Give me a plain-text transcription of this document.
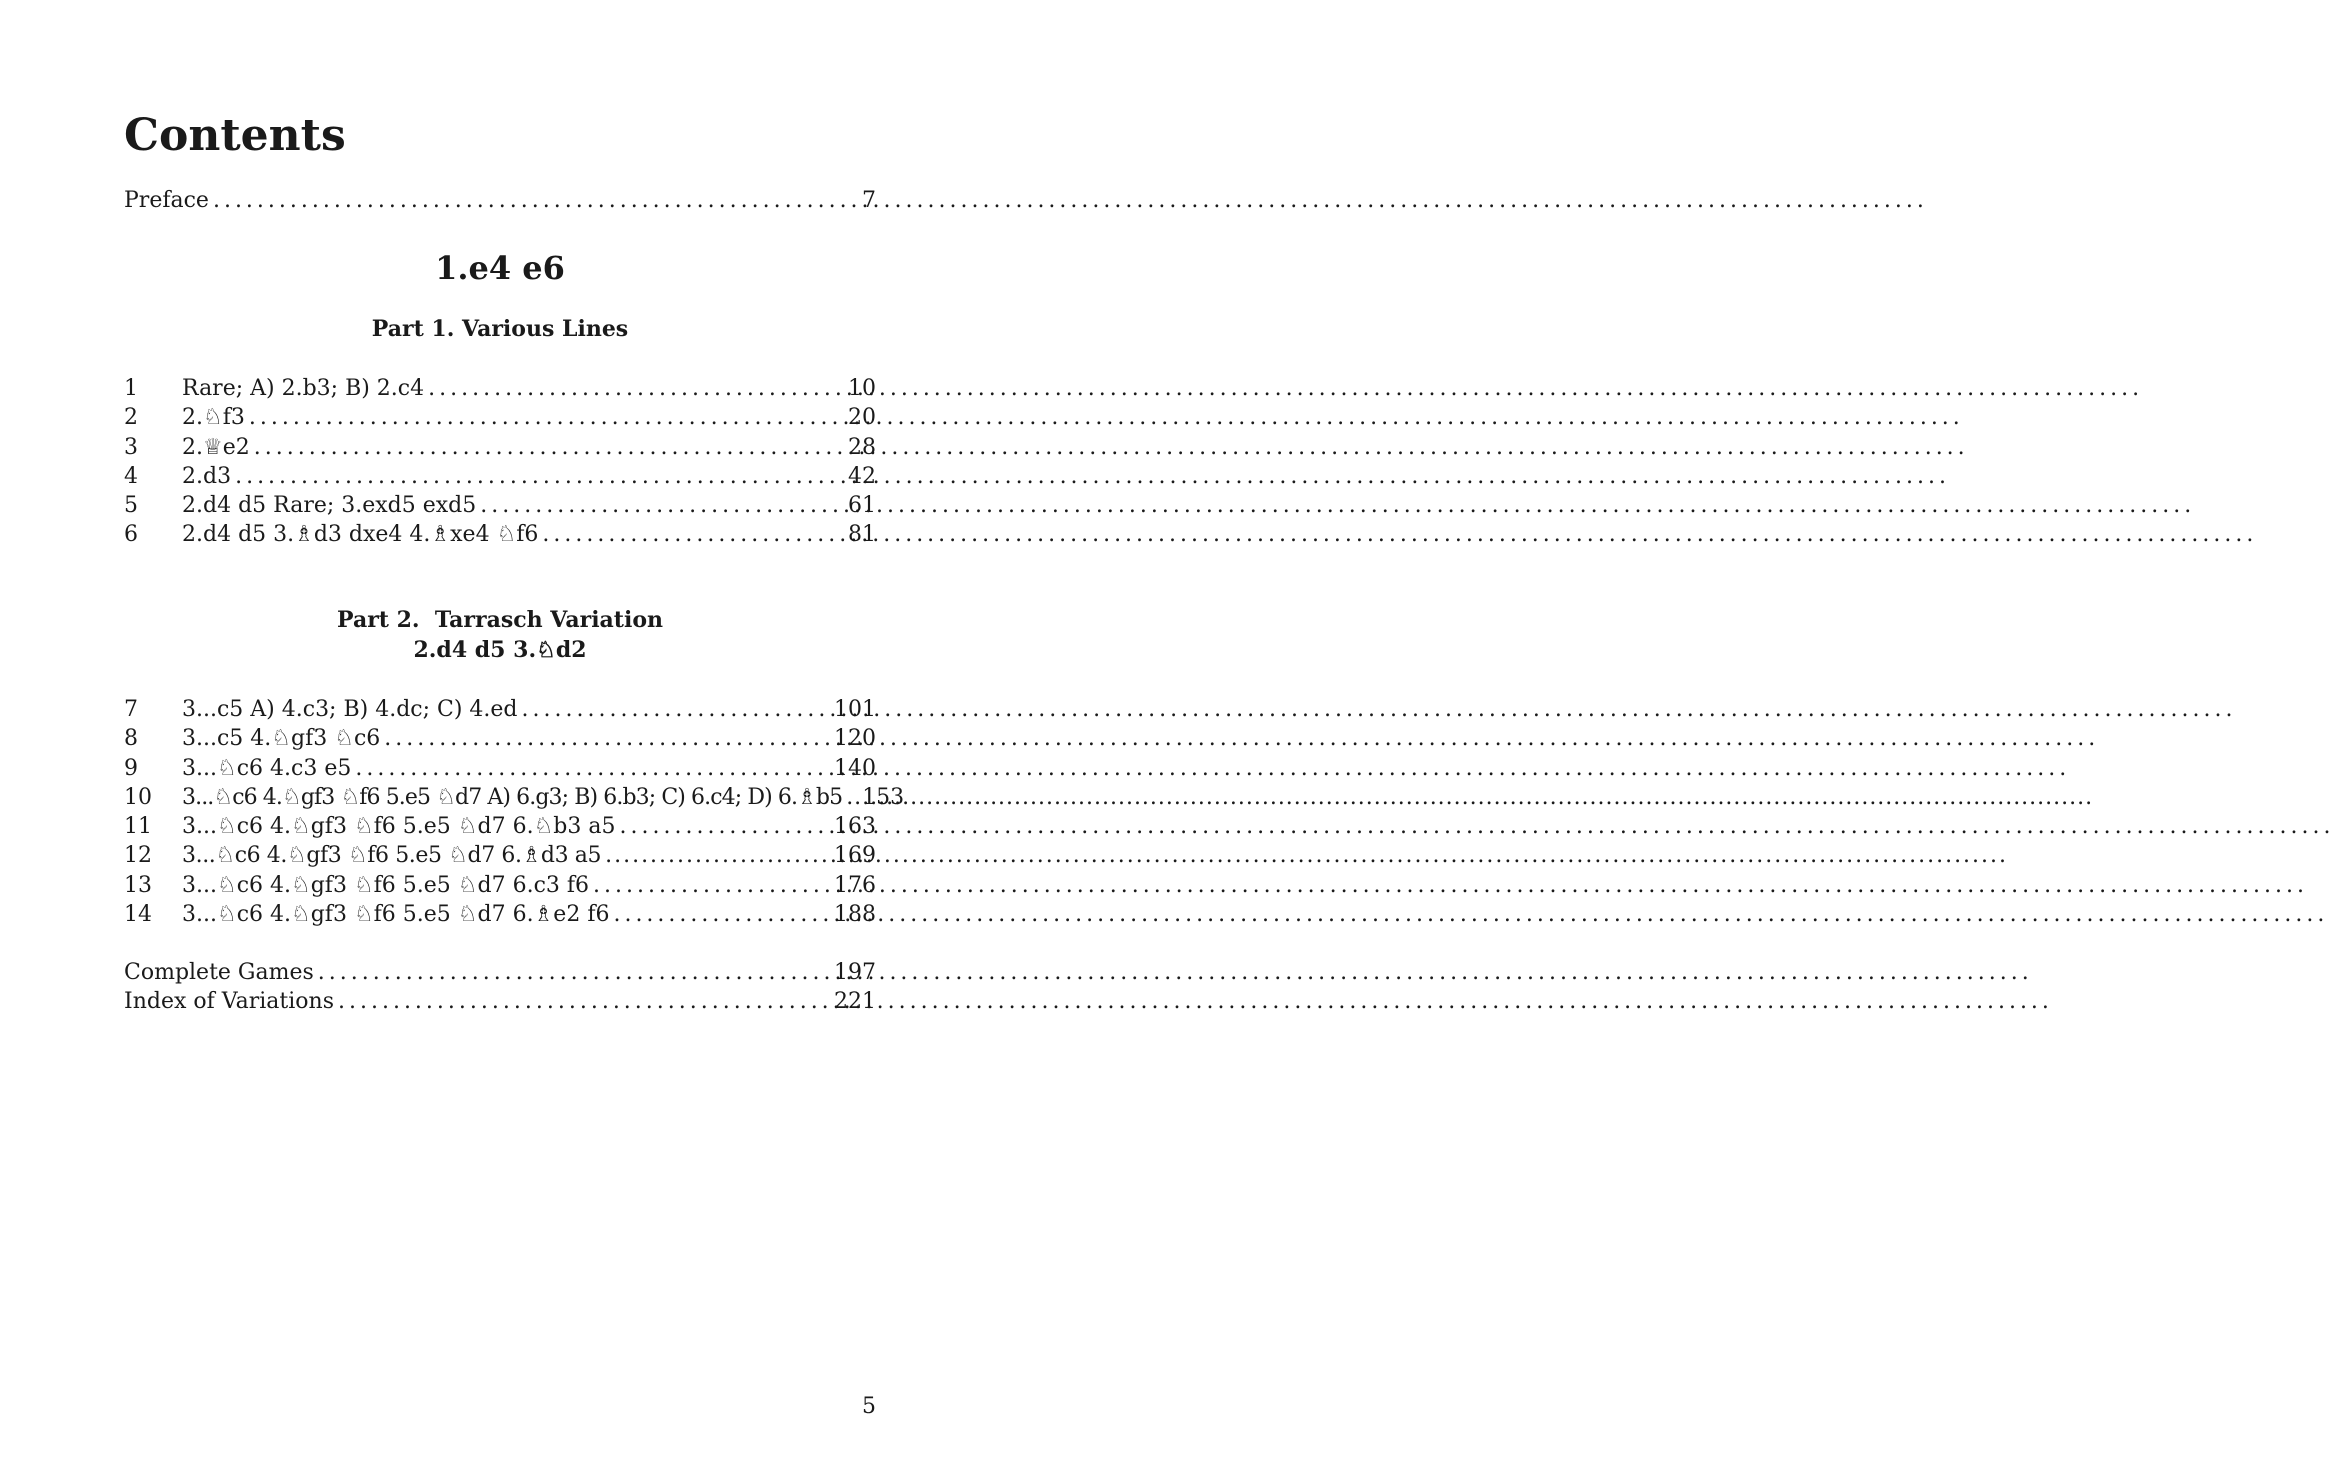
Contents
Preface .....	7
1.e4 e6
Part 1. Various Lines
1	Rare; A) 2.b3; B) 2.c4 .....	10
2	2.♘f3 .....	20
3	2.♕e2 .....	28
4	2.d3 .....	42
5	2.d4 d5 Rare; 3.exd5 exd5 .....	61
6	2.d4 d5 3.♗d3 dxe4 4.♗xe4 ♘f6 .....	81
Part 2.  Tarrasch Variation
2.d4 d5 3.♘d2
7	3...c5 A) 4.c3; B) 4.dc; C) 4.ed .....	101
8	3...c5 4.♘gf3 ♘c6 .....	120
9	3...♘c6 4.c3 e5 .....	140
10	3...♘c6 4.♘gf3 ♘f6 5.e5 ♘d7 A) 6.g3; B) 6.b3; C) 6.c4; D) 6.♗b5 ..... 153
11	3...♘c6 4.♘gf3 ♘f6 5.e5 ♘d7 6.♘b3 a5 .....	163
12	3...♘c6 4.♘gf3 ♘f6 5.e5 ♘d7 6.♗d3 a5 .....	169
13	3...♘c6 4.♘gf3 ♘f6 5.e5 ♘d7 6.c3 f6 .....	176
14	3...♘c6 4.♘gf3 ♘f6 5.e5 ♘d7 6.♗e2 f6 .....	188
Complete Games .....	197
Index of Variations .....	221
5
